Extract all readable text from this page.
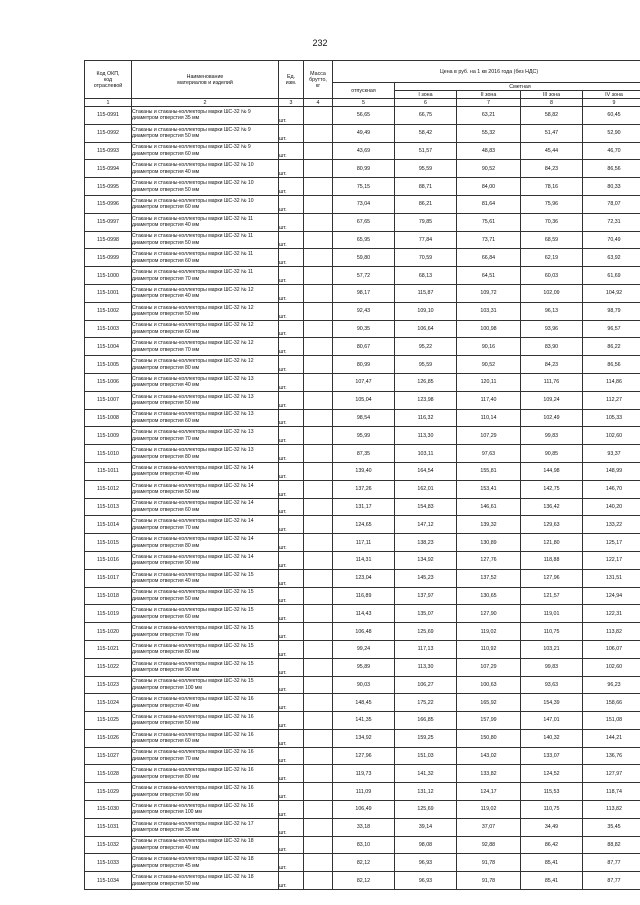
232
Код ОКП,
код
отраслевой	Наименование
материалов и изделий	Ед.
изм.	Масса
брутто,
кг	Цена в руб. на 1 кв 2016 года (без НДС)				
				отпускная	Сметная			
					I зона	II зона	III зона	IV зона
1	2	3	4	5	6	7	8	9
115-0991	Стаканы и стаканы-коллекторы марки ШС-32 № 9 диаметром отверстия 35 мм	шт.		56,65	66,75	63,21	58,82	60,45
115-0992	Стаканы и стаканы-коллекторы марки ШС-32 № 9 диаметром отверстия 50 мм	шт.		49,49	58,42	55,32	51,47	52,90
115-0993	Стаканы и стаканы-коллекторы марки ШС-32 № 9 диаметром отверстия 60 мм	шт.		43,69	51,57	48,83	45,44	46,70
115-0994	Стаканы и стаканы-коллекторы марки ШС-32 № 10 диаметром отверстия 40 мм	шт.		80,99	95,59	90,52	84,23	86,56
115-0995	Стаканы и стаканы-коллекторы марки ШС-32 № 10 диаметром отверстия 50 мм	шт.		75,15	88,71	84,00	78,16	80,33
115-0996	Стаканы и стаканы-коллекторы марки ШС-32 № 10 диаметром отверстия 60 мм	шт.		73,04	86,21	81,64	75,96	78,07
115-0997	Стаканы и стаканы-коллекторы марки ШС-32 № 11 диаметром отверстия 40 мм	шт.		67,65	79,85	75,61	70,36	72,31
115-0998	Стаканы и стаканы-коллекторы марки ШС-32 № 11 диаметром отверстия 50 мм	шт.		65,95	77,84	73,71	68,59	70,49
115-0999	Стаканы и стаканы-коллекторы марки ШС-32 № 11 диаметром отверстия 60 мм	шт.		59,80	70,59	66,84	62,19	63,92
115-1000	Стаканы и стаканы-коллекторы марки ШС-32 № 11 диаметром отверстия 70 мм	шт.		57,72	68,13	64,51	60,03	61,69
115-1001	Стаканы и стаканы-коллекторы марки ШС-32 № 12 диаметром отверстия 40 мм	шт.		98,17	115,87	109,72	102,09	104,92
115-1002	Стаканы и стаканы-коллекторы марки ШС-32 № 12 диаметром отверстия 50 мм	шт.		92,43	109,10	103,31	96,13	98,79
115-1003	Стаканы и стаканы-коллекторы марки ШС-32 № 12 диаметром отверстия 60 мм	шт.		90,35	106,64	100,98	93,96	96,57
115-1004	Стаканы и стаканы-коллекторы марки ШС-32 № 12 диаметром отверстия 70 мм	шт.		80,67	95,22	90,16	83,90	86,22
115-1005	Стаканы и стаканы-коллекторы марки ШС-32 № 12 диаметром отверстия 80 мм	шт.		80,99	95,59	90,52	84,23	86,56
115-1006	Стаканы и стаканы-коллекторы марки ШС-32 № 13 диаметром отверстия 40 мм	шт.		107,47	126,85	120,11	111,76	114,86
115-1007	Стаканы и стаканы-коллекторы марки ШС-32 № 13 диаметром отверстия 50 мм	шт.		105,04	123,98	117,40	109,24	112,27
115-1008	Стаканы и стаканы-коллекторы марки ШС-32 № 13 диаметром отверстия 60 мм	шт.		98,54	116,32	110,14	102,49	105,33
115-1009	Стаканы и стаканы-коллекторы марки ШС-32 № 13 диаметром отверстия 70 мм	шт.		95,99	113,30	107,29	99,83	102,60
115-1010	Стаканы и стаканы-коллекторы марки ШС-32 № 13 диаметром отверстия 80 мм	шт.		87,35	103,11	97,63	90,85	93,37
115-1011	Стаканы и стаканы-коллекторы марки ШС-32 № 14 диаметром отверстия 40 мм	шт.		139,40	164,54	155,81	144,98	148,99
115-1012	Стаканы и стаканы-коллекторы марки ШС-32 № 14 диаметром отверстия 50 мм	шт.		137,26	162,01	153,41	142,75	146,70
115-1013	Стаканы и стаканы-коллекторы марки ШС-32 № 14 диаметром отверстия 60 мм	шт.		131,17	154,83	146,61	136,42	140,20
115-1014	Стаканы и стаканы-коллекторы марки ШС-32 № 14 диаметром отверстия 70 мм	шт.		124,65	147,12	139,32	129,63	133,22
115-1015	Стаканы и стаканы-коллекторы марки ШС-32 № 14 диаметром отверстия 80 мм	шт.		117,11	138,23	130,89	121,80	125,17
115-1016	Стаканы и стаканы-коллекторы марки ШС-32 № 14 диаметром отверстия 90 мм	шт.		114,31	134,92	127,76	118,88	122,17
115-1017	Стаканы и стаканы-коллекторы марки ШС-32 № 15 диаметром отверстия 40 мм	шт.		123,04	145,23	137,52	127,96	131,51
115-1018	Стаканы и стаканы-коллекторы марки ШС-32 № 15 диаметром отверстия 50 мм	шт.		116,89	137,97	130,65	121,57	124,94
115-1019	Стаканы и стаканы-коллекторы марки ШС-32 № 15 диаметром отверстия 60 мм	шт.		114,43	135,07	127,90	119,01	122,31
115-1020	Стаканы и стаканы-коллекторы марки ШС-32 № 15 диаметром отверстия 70 мм	шт.		106,48	125,69	119,02	110,75	113,82
115-1021	Стаканы и стаканы-коллекторы марки ШС-32 № 15 диаметром отверстия 80 мм	шт.		99,24	117,13	110,92	103,21	106,07
115-1022	Стаканы и стаканы-коллекторы марки ШС-32 № 15 диаметром отверстия 90 мм	шт.		95,89	113,30	107,29	99,83	102,60
115-1023	Стаканы и стаканы-коллекторы марки ШС-32 № 15 диаметром отверстия 100 мм	шт.		90,03	106,27	100,63	93,63	96,23
115-1024	Стаканы и стаканы-коллекторы марки ШС-32 № 16 диаметром отверстия 40 мм	шт.		148,45	175,22	165,92	154,39	158,66
115-1025	Стаканы и стаканы-коллекторы марки ШС-32 № 16 диаметром отверстия 50 мм	шт.		141,35	166,85	157,99	147,01	151,08
115-1026	Стаканы и стаканы-коллекторы марки ШС-32 № 16 диаметром отверстия 60 мм	шт.		134,92	159,25	150,80	140,32	144,21
115-1027	Стаканы и стаканы-коллекторы марки ШС-32 № 16 диаметром отверстия 70 мм	шт.		127,96	151,03	143,02	133,07	136,76
115-1028	Стаканы и стаканы-коллекторы марки ШС-32 № 16 диаметром отверстия 80 мм	шт.		119,73	141,32	133,82	124,52	127,97
115-1029	Стаканы и стаканы-коллекторы марки ШС-32 № 16 диаметром отверстия 90 мм	шт.		111,09	131,12	124,17	115,53	118,74
115-1030	Стаканы и стаканы-коллекторы марки ШС-32 № 16 диаметром отверстия 100 мм	шт.		106,49	125,69	119,02	110,75	113,82
115-1031	Стаканы и стаканы-коллекторы марки ШС-32 № 17 диаметром отверстия 35 мм	шт.		33,18	39,14	37,07	34,49	35,45
115-1032	Стаканы и стаканы-коллекторы марки ШС-32 № 18 диаметром отверстия 40 мм	шт.		83,10	98,08	92,88	86,42	88,82
115-1033	Стаканы и стаканы-коллекторы марки ШС-32 № 18 диаметром отверстия 45 мм	шт.		82,12	96,93	91,78	85,41	87,77
115-1034	Стаканы и стаканы-коллекторы марки ШС-32 № 18 диаметром отверстия 50 мм	шт.		82,12	96,93	91,78	85,41	87,77
